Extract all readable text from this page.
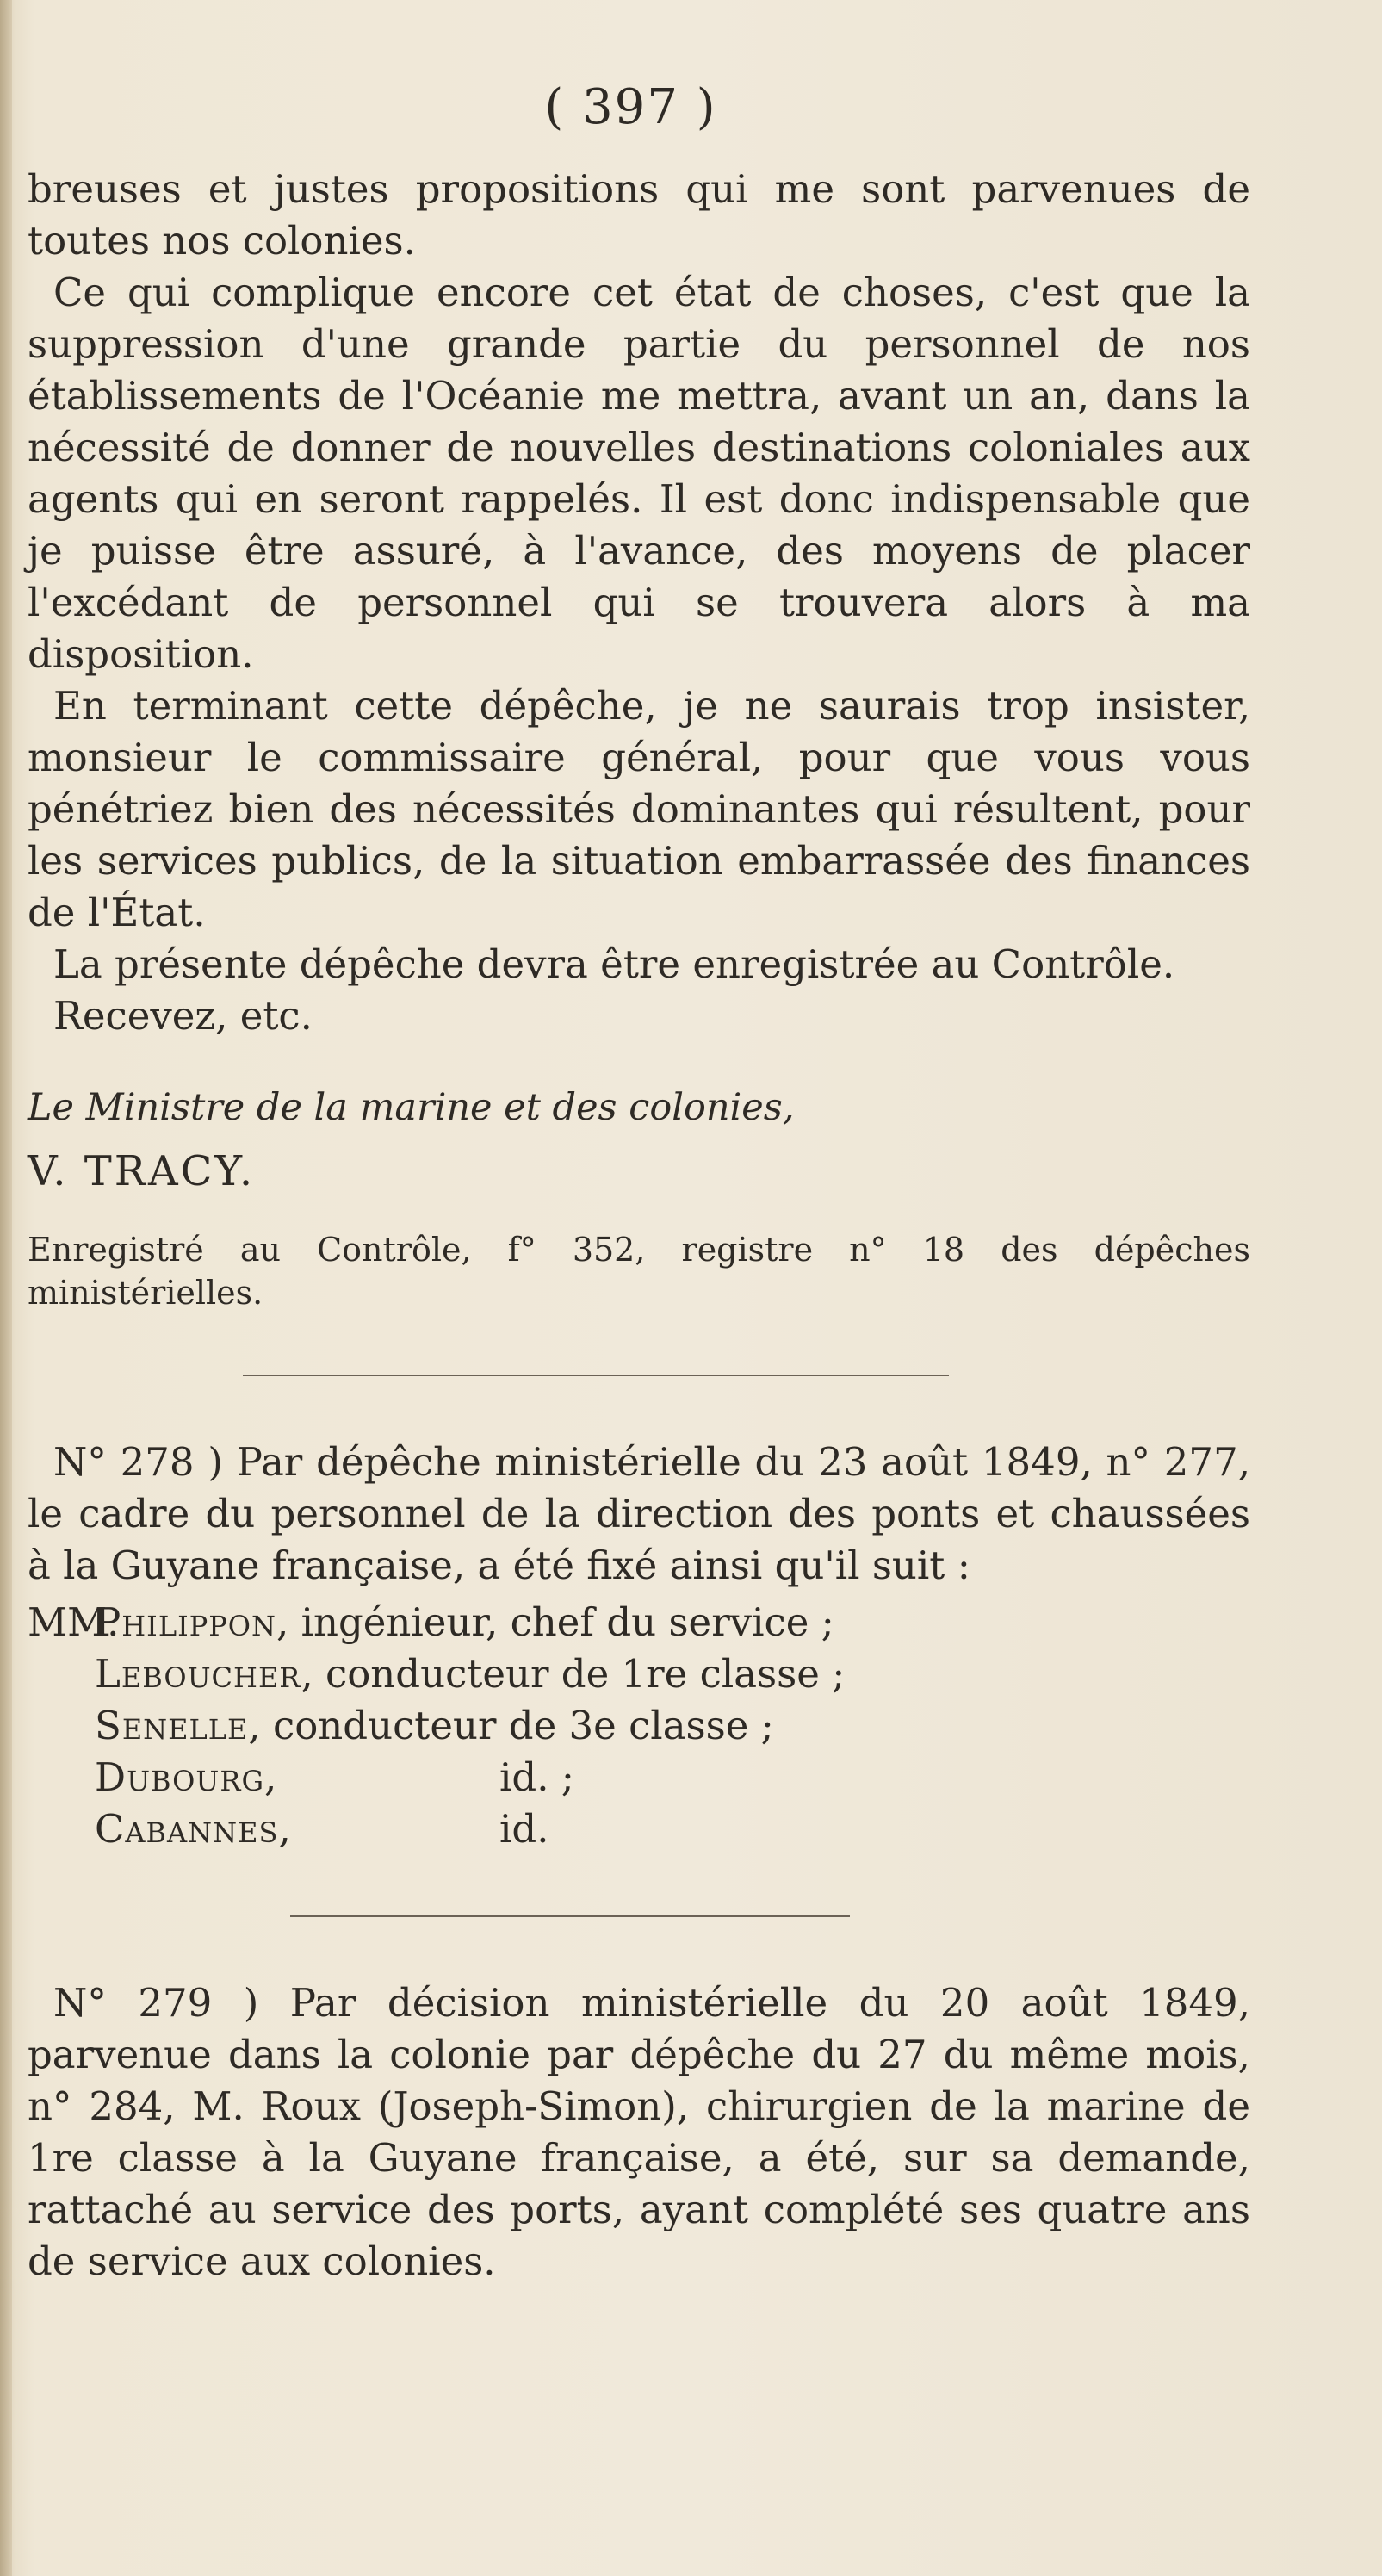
( 397 )

breuses et justes propositions qui me sont parvenues de toutes nos colonies.

Ce qui complique encore cet état de choses, c'est que la suppression d'une grande partie du personnel de nos établissements de l'Océanie me mettra, avant un an, dans la nécessité de donner de nouvelles destinations coloniales aux agents qui en seront rappelés. Il est donc indispensable que je puisse être assuré, à l'avance, des moyens de placer l'excédant de personnel qui se trouvera alors à ma disposition.

En terminant cette dépêche, je ne saurais trop insister, monsieur le commissaire général, pour que vous vous pénétriez bien des nécessités dominantes qui résultent, pour les services publics, de la situation embarrassée des finances de l'État.

La présente dépêche devra être enregistrée au Contrôle.

Recevez, etc.

Le Ministre de la marine et des colonies,

V. TRACY.

Enregistré au Contrôle, f° 352, registre n° 18 des dépêches ministérielles.

N° 278 ) Par dépêche ministérielle du 23 août 1849, n° 277, le cadre du personnel de la direction des ponts et chaussées à la Guyane française, a été fixé ainsi qu'il suit :

MM.
Philippon, ingénieur, chef du service ;
Leboucher, conducteur de 1re classe ;
Senelle, conducteur de 3e classe ;
Dubourg,	id. ;
Cabannes,	id.

N° 279 ) Par décision ministérielle du 20 août 1849, parvenue dans la colonie par dépêche du 27 du même mois, n° 284, M. Roux (Joseph-Simon), chirurgien de la marine de 1re classe à la Guyane française, a été, sur sa demande, rattaché au service des ports, ayant complété ses quatre ans de service aux colonies.
